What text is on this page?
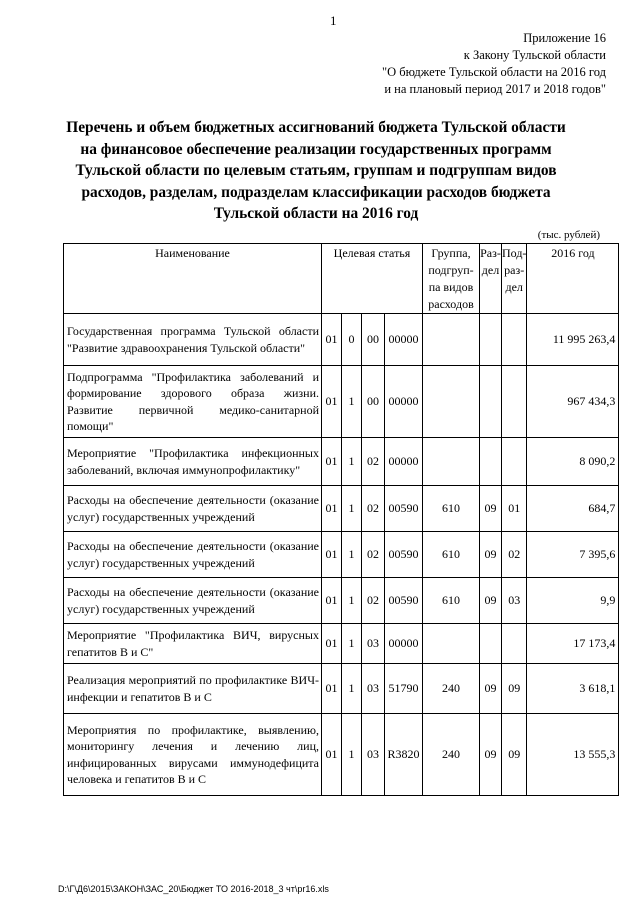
1
Приложение 16
к Закону Тульской области
"О бюджете Тульской области на 2016 год
и на плановый период 2017 и 2018 годов"
Перечень и объем бюджетных ассигнований бюджета Тульской области на финансовое обеспечение реализации государственных программ Тульской области по целевым статьям, группам и подгруппам видов расходов, разделам, подразделам классификации расходов бюджета Тульской области на 2016 год
(тыс. рублей)
Наименование	Целевая статья				Группа, подгруп-па видов расходов	Раз-дел	Под-раз-дел	2016 год
Государственная программа Тульской области "Развитие здравоохранения Тульской области"	01	0	00	00000				11 995 263,4
Подпрограмма "Профилактика заболеваний и формирование здорового образа жизни. Развитие первичной медико-санитарной помощи"	01	1	00	00000				967 434,3
Мероприятие "Профилактика инфекционных заболеваний, включая иммунопрофилактику"	01	1	02	00000				8 090,2
Расходы на обеспечение деятельности (оказание услуг) государственных учреждений	01	1	02	00590	610	09	01	684,7
Расходы на обеспечение деятельности (оказание услуг) государственных учреждений	01	1	02	00590	610	09	02	7 395,6
Расходы на обеспечение деятельности (оказание услуг) государственных учреждений	01	1	02	00590	610	09	03	9,9
Мероприятие "Профилактика ВИЧ, вирусных гепатитов В и С"	01	1	03	00000				17 173,4
Реализация мероприятий по профилактике ВИЧ-инфекции и гепатитов В и С	01	1	03	51790	240	09	09	3 618,1
Мероприятия по профилактике, выявлению, мониторингу лечения и лечению лиц, инфицированных вирусами иммунодефицита человека и гепатитов В и С	01	1	03	R3820	240	09	09	13 555,3
D:\Г\Д6\2015\ЗАКОН\ЗАС_20\Бюджет ТО 2016-2018_3 чт\pr16.xls
